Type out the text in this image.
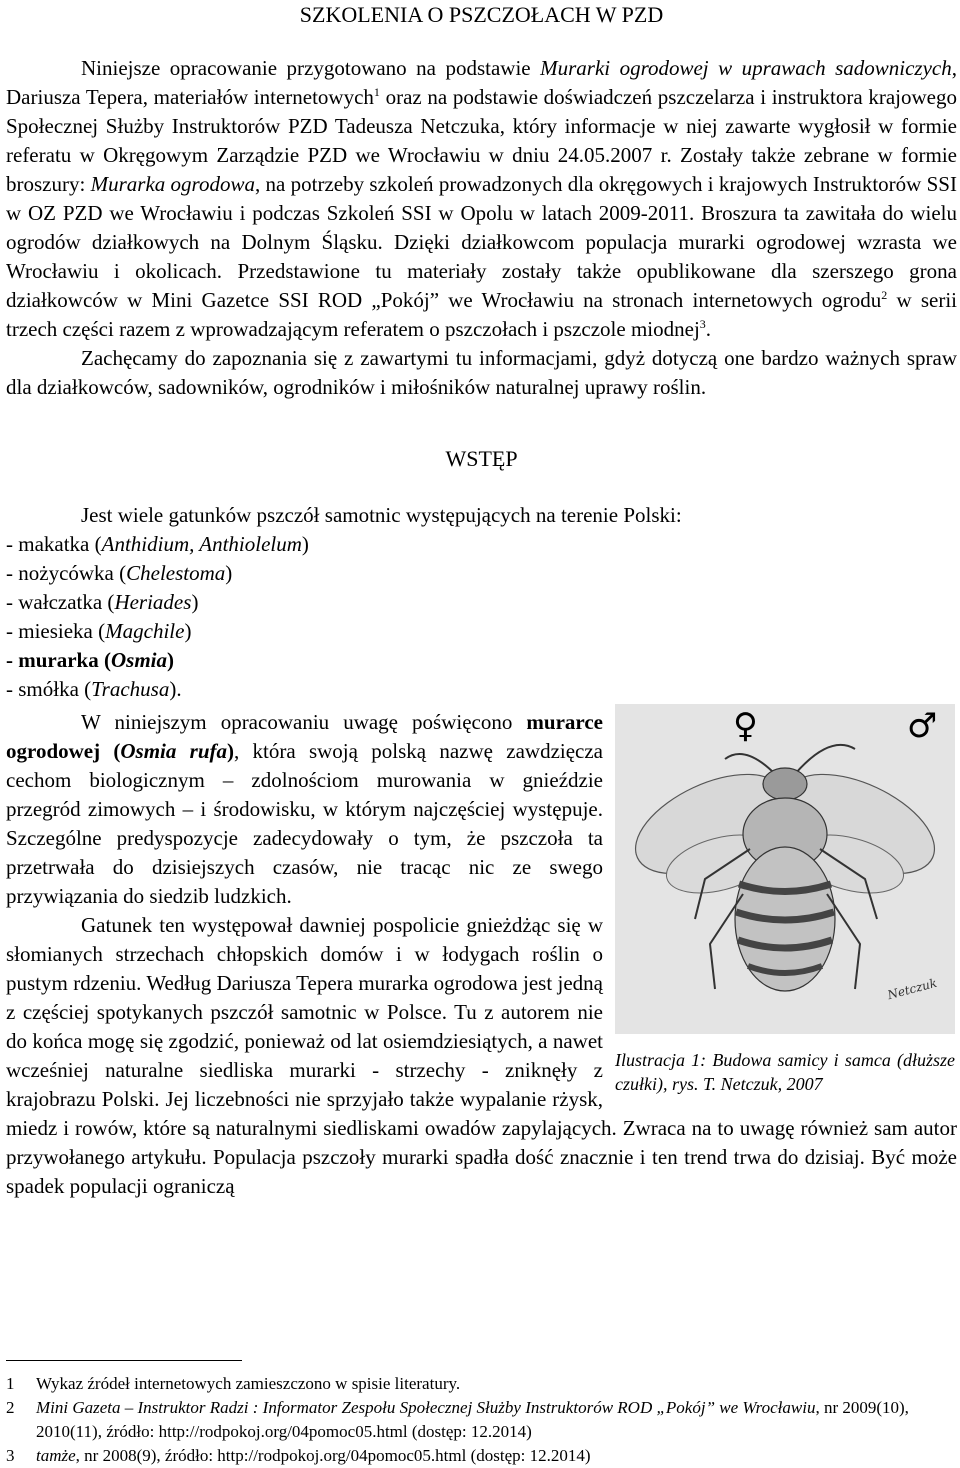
SZKOLENIA O PSZCZOŁACH W PZD

Niniejsze opracowanie przygotowano na podstawie Murarki ogrodowej w uprawach sadowniczych, Dariusza Tepera, materiałów internetowych$^1$ oraz na podstawie doświadczeń pszczelarza i instruktora krajowego Społecznej Służby Instruktorów PZD Tadeusza Netczuka, który informacje w niej zawarte wygłosił w formie referatu w Okręgowym Zarządzie PZD we Wrocławiu w dniu 24.05.2007 r. Zostały także zebrane w formie broszury: Murarka ogrodowa, na potrzeby szkoleń prowadzonych dla okręgowych i krajowych Instruktorów SSI w OZ PZD we Wrocławiu i podczas Szkoleń SSI w Opolu w latach 2009-2011. Broszura ta zawitała do wielu ogrodów działkowych na Dolnym Śląsku. Dzięki działkowcom populacja murarki ogrodowej wzrasta we Wrocławiu i okolicach. Przedstawione tu materiały zostały także opublikowane dla szerszego grona działkowców w Mini Gazetce SSI ROD „Pokój” we Wrocławiu na stronach internetowych ogrodu$^2$ w serii trzech części razem z wprowadzającym referatem o pszczołach i pszczole miodnej$^3$.

Zachęcamy do zapoznania się z zawartymi tu informacjami, gdyż dotyczą one bardzo ważnych spraw dla działkowców, sadowników, ogrodników i miłośników naturalnej uprawy roślin.

WSTĘP

Jest wiele gatunków pszczół samotnic występujących na terenie Polski:

- makatka (Anthidium, Anthiolelum)
- nożycówka (Chelestoma)
- wałczatka (Heriades)
- miesieka (Magchile)
- murarka (Osmia)
- smółka (Trachusa).
♀	♂
Netczuk
Ilustracja 1: Budowa samicy i samca (dłuższe czułki), rys. T. Netczuk, 2007

W niniejszym opracowaniu uwagę poświęcono murarce ogrodowej (Osmia rufa), która swoją polską nazwę zawdzięcza cechom biologicznym – zdolnościom murowania w gnieździe przegród zimowych – i środowisku, w którym najczęściej występuje. Szczególne predyspozycje zadecydowały o tym, że pszczoła ta przetrwała do dzisiejszych czasów, nie tracąc nic ze swego przywiązania do siedzib ludzkich.

Gatunek ten występował dawniej pospolicie gnieżdżąc się w słomianych strzechach chłopskich domów i w łodygach roślin o pustym rdzeniu. Według Dariusza Tepera murarka ogrodowa jest jedną z częściej spotykanych pszczół samotnic w Polsce. Tu z autorem nie do końca mogę się zgodzić, ponieważ od lat osiemdziesiątych, a nawet wcześniej naturalne siedliska murarki - strzechy - zniknęły z krajobrazu Polski. Jej liczebności nie sprzyjało także wypalanie rżysk, miedz i rowów, które są naturalnymi siedliskami owadów zapylających. Zwraca na to uwagę również sam autor przywołanego artykułu. Populacja pszczoły murarki spadła dość znacznie i ten trend trwa do dzisiaj. Być może spadek populacji ograniczą

1	Wykaz źródeł internetowych zamieszczono w spisie literatury.
2	Mini Gazeta – Instruktor Radzi : Informator Zespołu Społecznej Służby Instruktorów ROD „Pokój” we Wrocławiu, nr 2009(10), 2010(11), źródło: http://rodpokoj.org/04pomoc05.html (dostęp: 12.2014)
3	tamże, nr 2008(9), źródło: http://rodpokoj.org/04pomoc05.html (dostęp: 12.2014)
